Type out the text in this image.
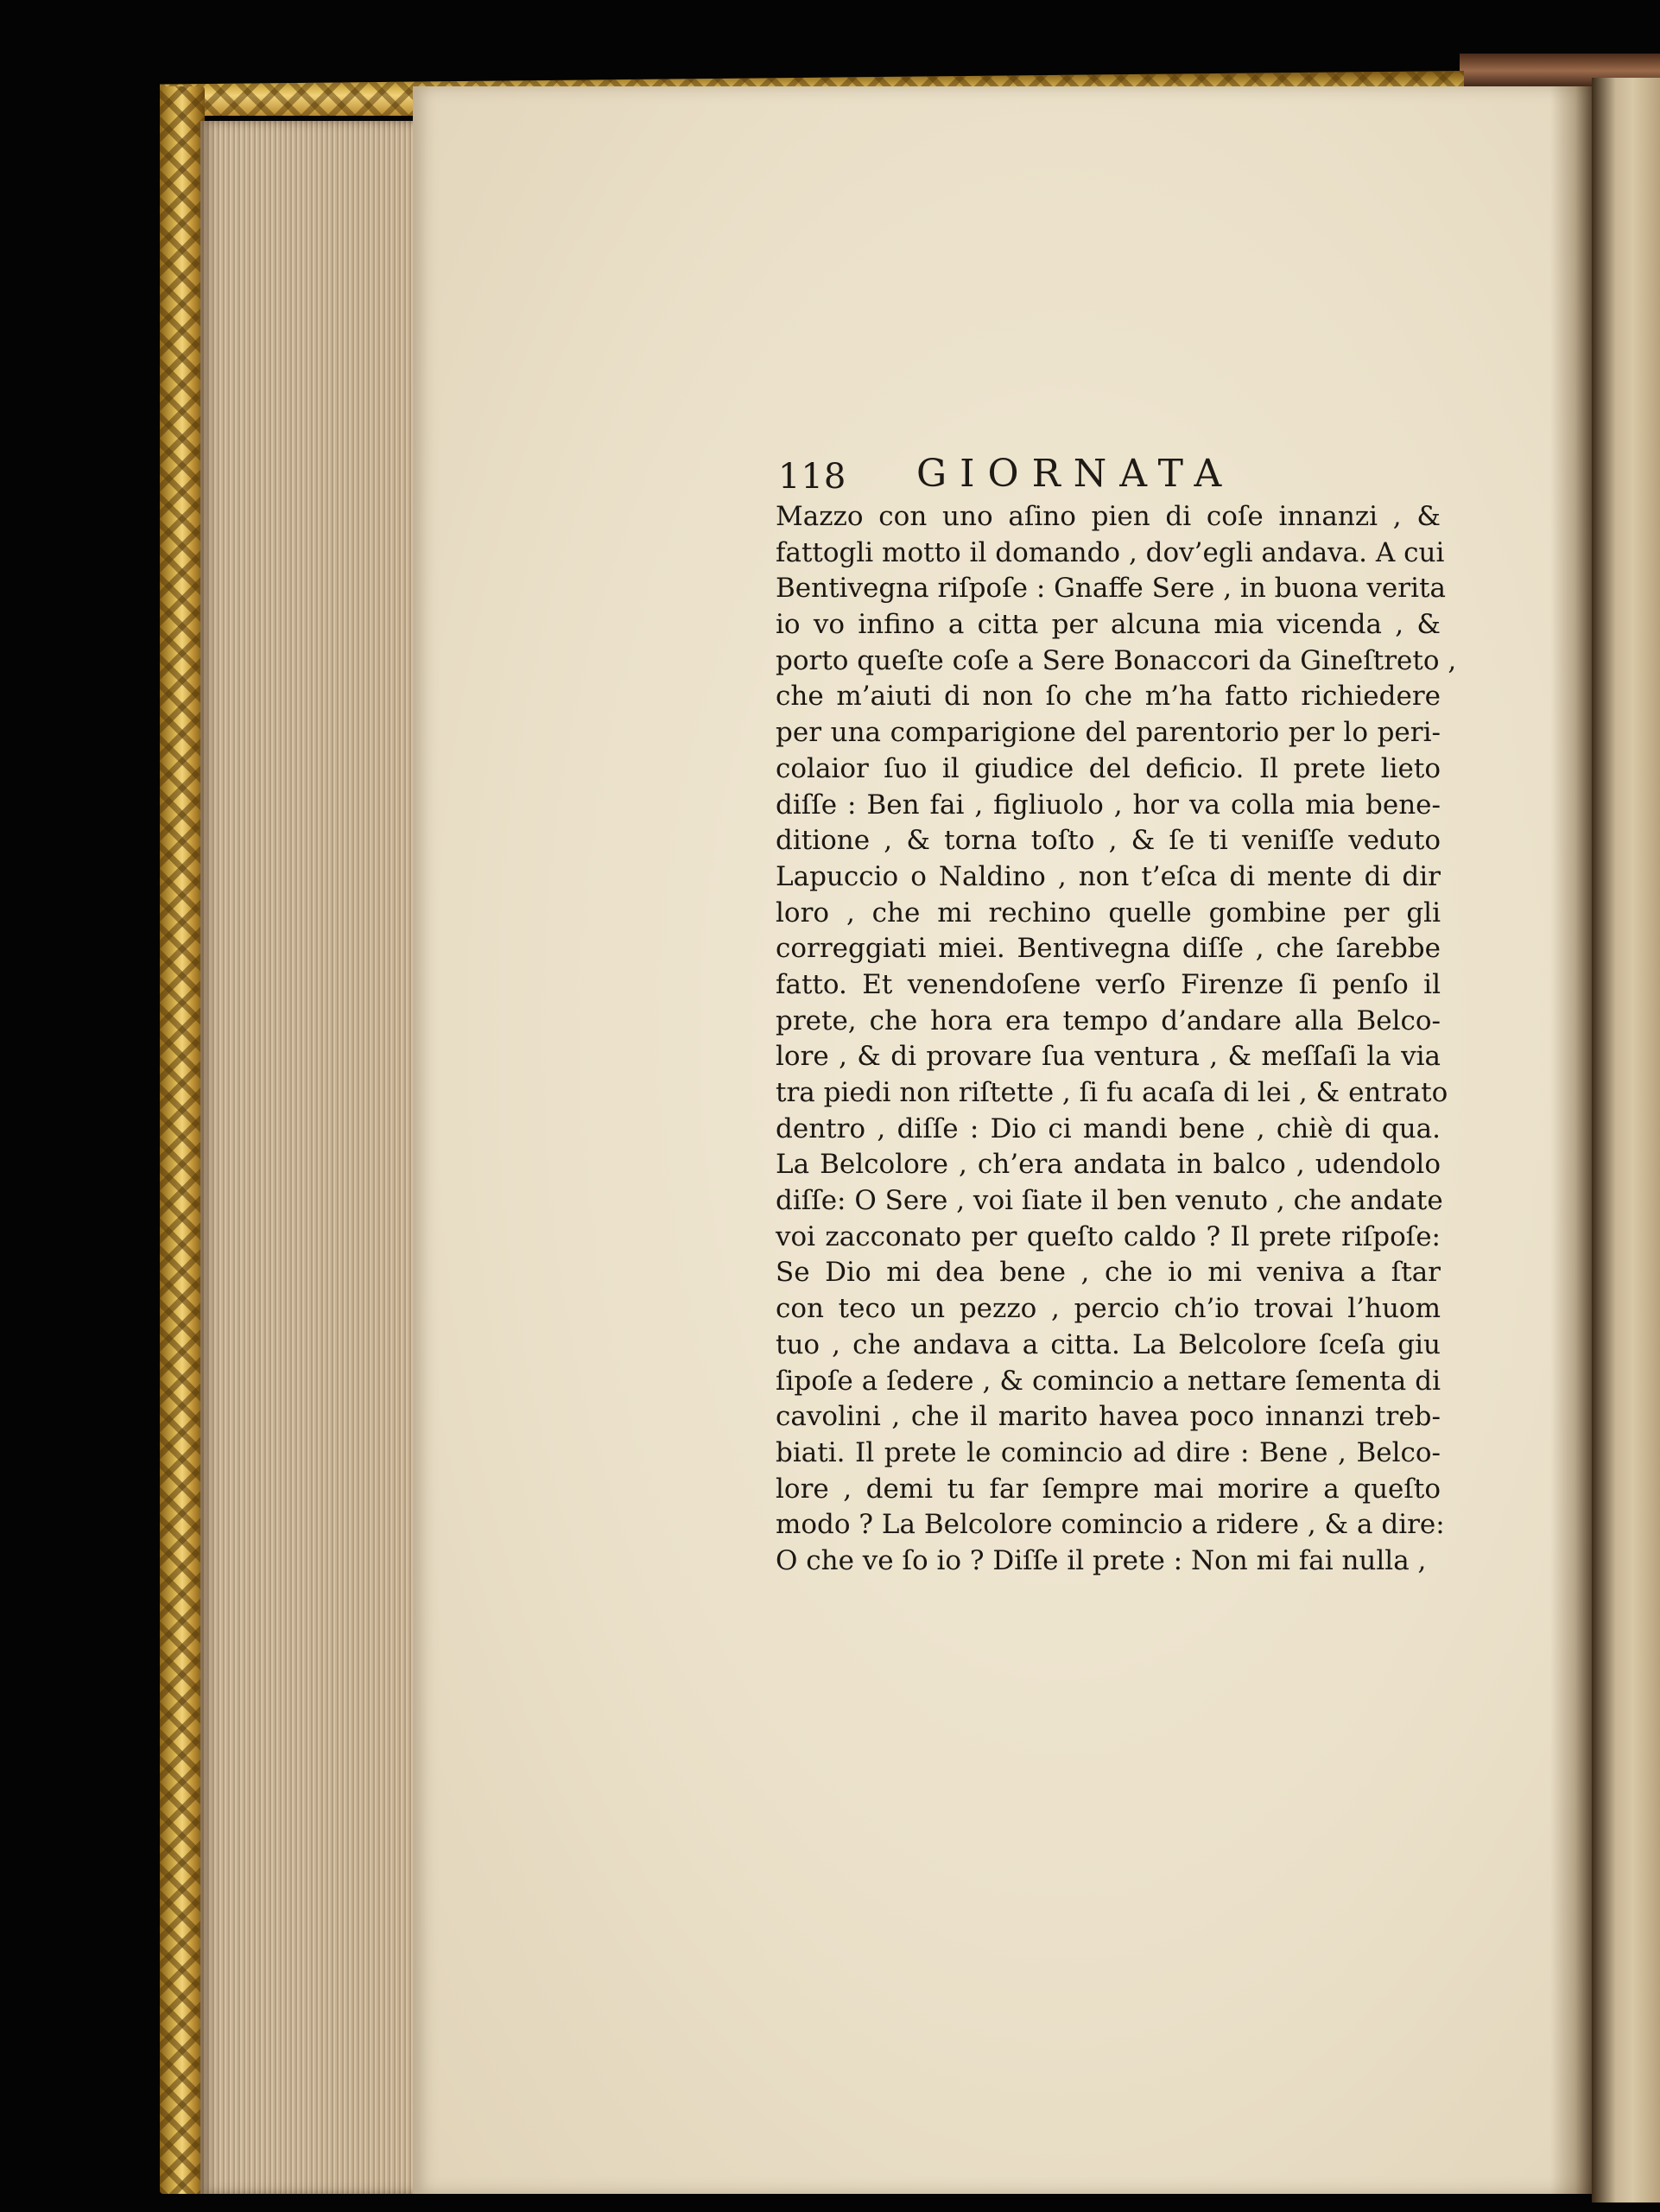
118 GIORNATA
Mazzo con uno aſino pien di coſe innanzi , &
fattogli motto il domando , dov’egli andava. A cui
Bentivegna riſpoſe : Gnaffe Sere , in buona verita
io vo infino a citta per alcuna mia vicenda , &
porto queſte coſe a Sere Bonaccori da Gineſtreto ,
che m’aiuti di non ſo che m’ha fatto richiedere
per una comparigione del parentorio per lo peri-
colaior ſuo il giudice del deficio. Il prete lieto
diſſe : Ben fai , figliuolo , hor va colla mia bene-
ditione , & torna toſto , & ſe ti veniſſe veduto
Lapuccio o Naldino , non t’eſca di mente di dir
loro , che mi rechino quelle gombine per gli
correggiati miei. Bentivegna diſſe , che ſarebbe
fatto. Et venendoſene verſo Firenze ſi penſo il
prete, che hora era tempo d’andare alla Belco-
lore , & di provare ſua ventura , & meſſaſi la via
tra piedi non riſtette , ſi fu acaſa di lei , & entrato
dentro , diſſe : Dio ci mandi bene , chiè di qua.
La Belcolore , ch’era andata in balco , udendolo
diſſe: O Sere , voi ſiate il ben venuto , che andate
voi zacconato per queſto caldo ? Il prete riſpoſe:
Se Dio mi dea bene , che io mi veniva a ſtar
con teco un pezzo , percio ch’io trovai l’huom
tuo , che andava a citta. La Belcolore ſceſa giu
ſipoſe a ſedere , & comincio a nettare ſementa di
cavolini , che il marito havea poco innanzi treb-
biati. Il prete le comincio ad dire : Bene , Belco-
lore , demi tu far ſempre mai morire a queſto
modo ? La Belcolore comincio a ridere , & a dire:
O che ve ſo io ? Diſſe il prete : Non mi fai nulla ,
